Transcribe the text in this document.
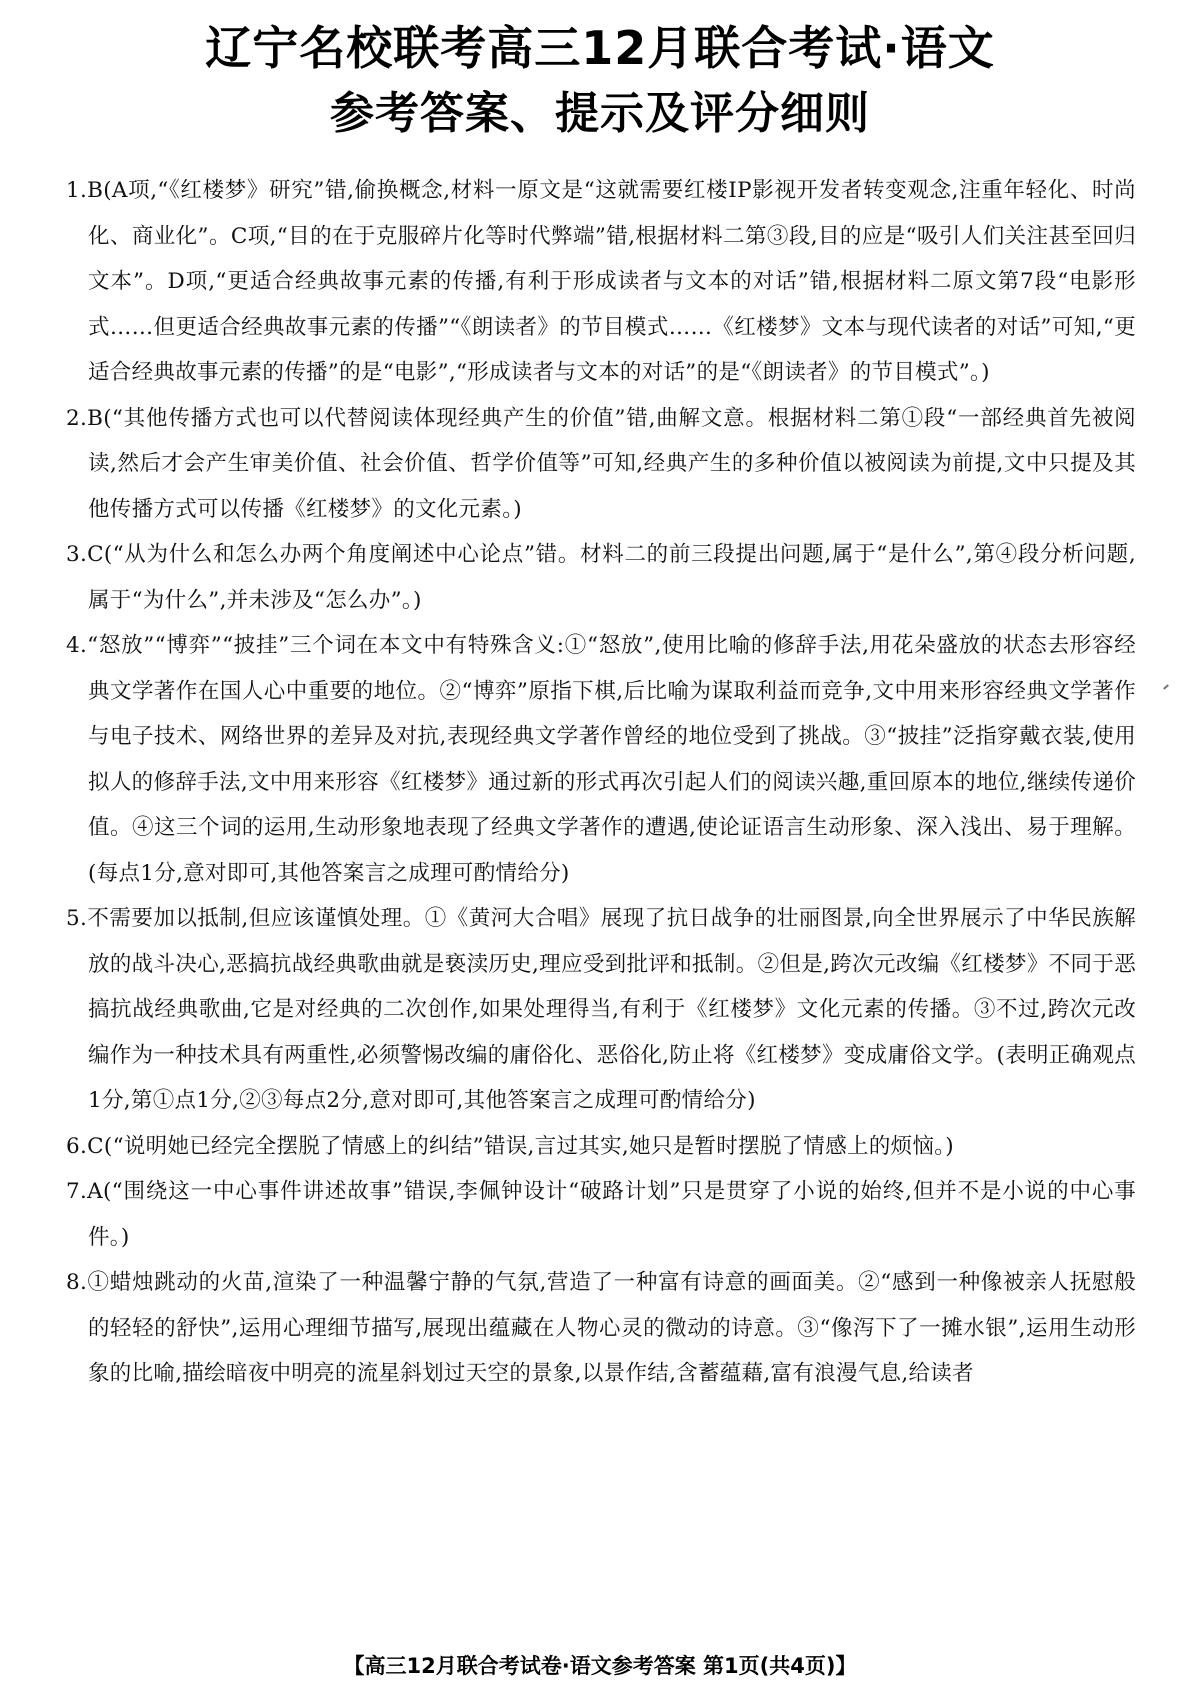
辽宁名校联考高三12月联合考试·语文
参考答案、提示及评分细则

1.B(A项,“《红楼梦》研究”错,偷换概念,材料一原文是“这就需要红楼IP影视开发者转变观念,注重年轻化、时尚化、商业化”。C项,“目的在于克服碎片化等时代弊端”错,根据材料二第③段,目的应是“吸引人们关注甚至回归文本”。D项,“更适合经典故事元素的传播,有利于形成读者与文本的对话”错,根据材料二原文第7段“电影形式……但更适合经典故事元素的传播”“《朗读者》的节目模式……《红楼梦》文本与现代读者的对话”可知,“更适合经典故事元素的传播”的是“电影”,“形成读者与文本的对话”的是“《朗读者》的节目模式”。)

2.B(“其他传播方式也可以代替阅读体现经典产生的价值”错,曲解文意。根据材料二第①段“一部经典首先被阅读,然后才会产生审美价值、社会价值、哲学价值等”可知,经典产生的多种价值以被阅读为前提,文中只提及其他传播方式可以传播《红楼梦》的文化元素。)

3.C(“从为什么和怎么办两个角度阐述中心论点”错。材料二的前三段提出问题,属于“是什么”,第④段分析问题,属于“为什么”,并未涉及“怎么办”。)

4.“怒放”“博弈”“披挂”三个词在本文中有特殊含义:①“怒放”,使用比喻的修辞手法,用花朵盛放的状态去形容经典文学著作在国人心中重要的地位。②“博弈”原指下棋,后比喻为谋取利益而竞争,文中用来形容经典文学著作与电子技术、网络世界的差异及对抗,表现经典文学著作曾经的地位受到了挑战。③“披挂”泛指穿戴衣装,使用拟人的修辞手法,文中用来形容《红楼梦》通过新的形式再次引起人们的阅读兴趣,重回原本的地位,继续传递价值。④这三个词的运用,生动形象地表现了经典文学著作的遭遇,使论证语言生动形象、深入浅出、易于理解。(每点1分,意对即可,其他答案言之成理可酌情给分)

5.不需要加以抵制,但应该谨慎处理。①《黄河大合唱》展现了抗日战争的壮丽图景,向全世界展示了中华民族解放的战斗决心,恶搞抗战经典歌曲就是亵渎历史,理应受到批评和抵制。②但是,跨次元改编《红楼梦》不同于恶搞抗战经典歌曲,它是对经典的二次创作,如果处理得当,有利于《红楼梦》文化元素的传播。③不过,跨次元改编作为一种技术具有两重性,必须警惕改编的庸俗化、恶俗化,防止将《红楼梦》变成庸俗文学。(表明正确观点1分,第①点1分,②③每点2分,意对即可,其他答案言之成理可酌情给分)

6.C(“说明她已经完全摆脱了情感上的纠结”错误,言过其实,她只是暂时摆脱了情感上的烦恼。)

7.A(“围绕这一中心事件讲述故事”错误,李佩钟设计“破路计划”只是贯穿了小说的始终,但并不是小说的中心事件。)

8.①蜡烛跳动的火苗,渲染了一种温馨宁静的气氛,营造了一种富有诗意的画面美。②“感到一种像被亲人抚慰般的轻轻的舒快”,运用心理细节描写,展现出蕴藏在人物心灵的微动的诗意。③“像泻下了一摊水银”,运用生动形象的比喻,描绘暗夜中明亮的流星斜划过天空的景象,以景作结,含蓄蕴藉,富有浪漫气息,给读者

【高三12月联合考试卷·语文参考答案 第1页(共4页)】
